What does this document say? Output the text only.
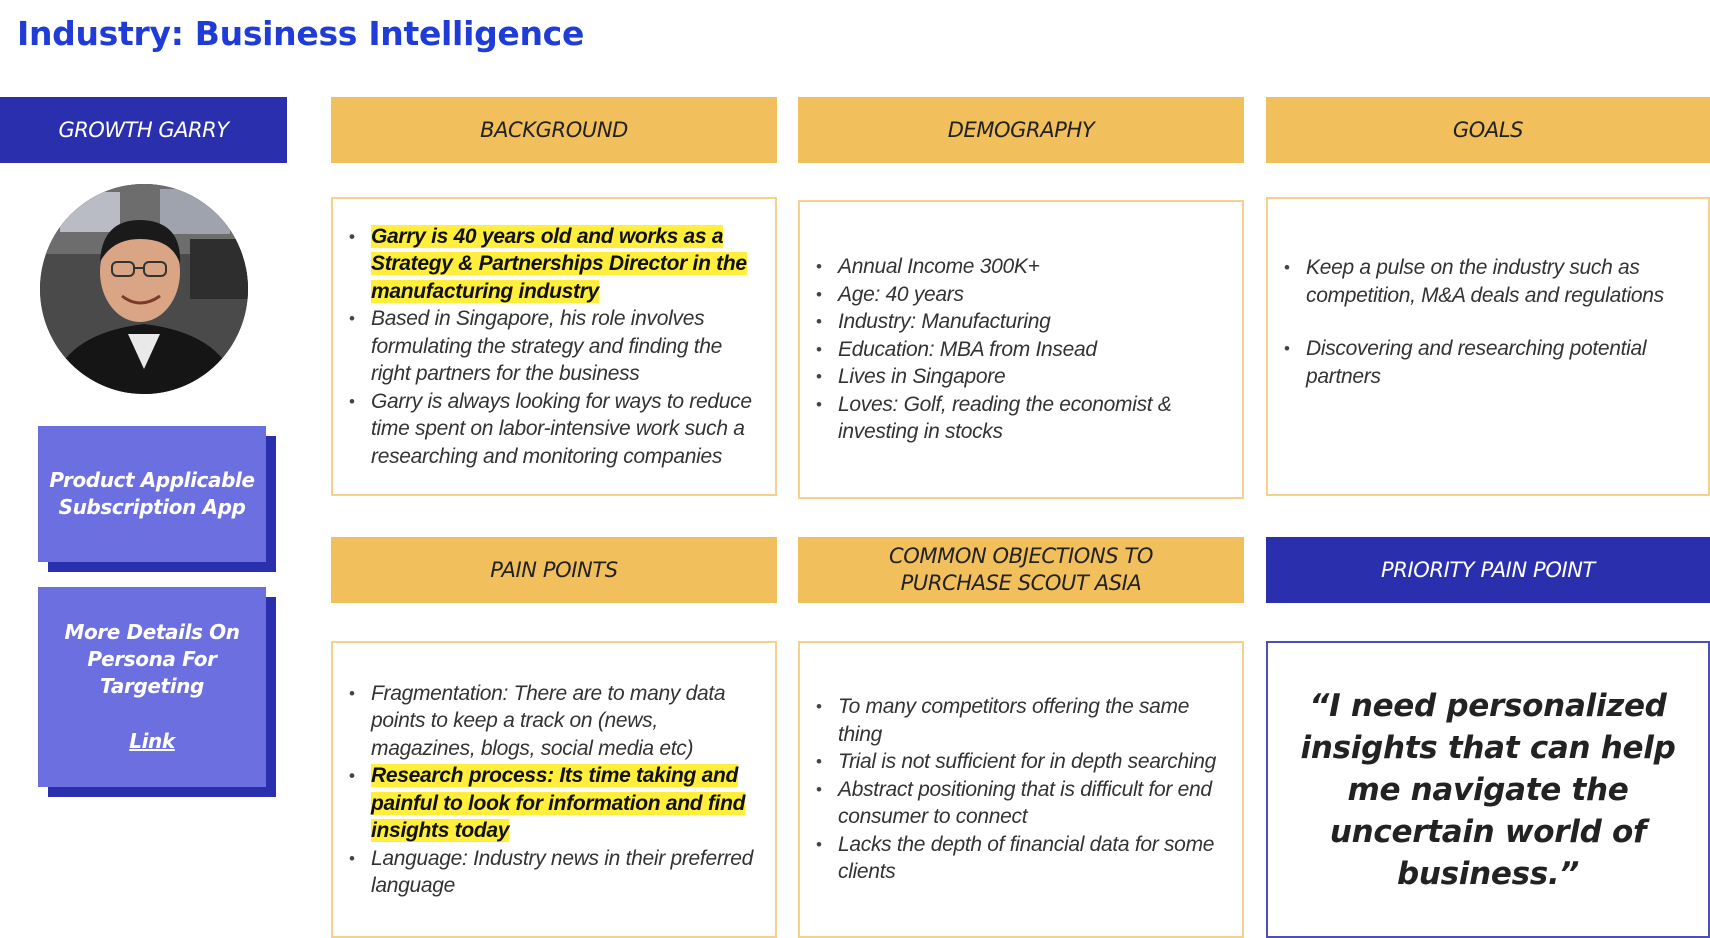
Industry: Business Intelligence
GROWTH GARRY
Product Applicable Subscription App
More Details On Persona For Targeting
Link
BACKGROUND	DEMOGRAPHY	GOALS
• Garry is 40 years old and works as a Strategy & Partnerships Director in the manufacturing industry
• Based in Singapore, his role involves formulating the strategy and finding the right partners for the business
• Garry is always looking for ways to reduce time spent on labor-intensive work such a researching and monitoring companies
• Annual Income 300K+
• Age: 40 years
• Industry: Manufacturing
• Education: MBA from Insead
• Lives in Singapore
• Loves: Golf, reading the economist & investing in stocks
• Keep a pulse on the industry such as competition, M&A deals and regulations
• Discovering and researching potential partners
PAIN POINTS
COMMON OBJECTIONS TO PURCHASE SCOUT ASIA
PRIORITY PAIN POINT
• Fragmentation: There are to many data points to keep a track on (news, magazines, blogs, social media etc)
• Research process: Its time taking and painful to look for information and find insights today
• Language: Industry news in their preferred language
• To many competitors offering the same thing
• Trial is not sufficient for in depth searching
• Abstract positioning that is difficult for end consumer to connect
• Lacks the depth of financial data for some clients
“I need personalized insights that can help me navigate the uncertain world of business.”
